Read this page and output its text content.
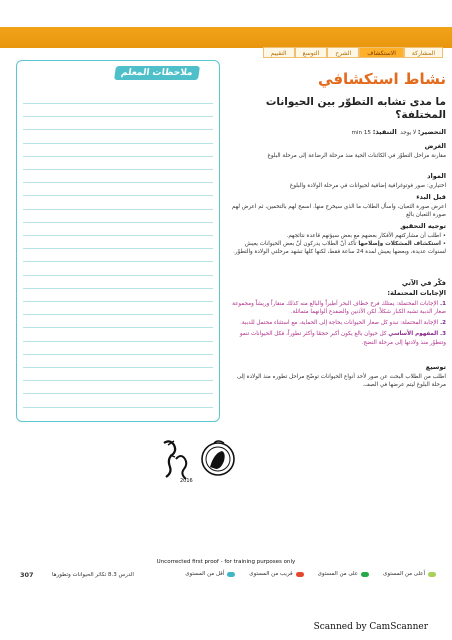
المشاركة
الاستكشاف
الشرح
التوسع
التقييم
ملاحظات المعلم	نشاط استكشافي
ما مدى تشابه التطوّر بين الحيوانات المختلفة؟
التحضير: لا يوجد  التنفيذ: 15 min
الغرض
مقارنة مراحل التطوّر في الكائنات الحية منذ مرحلة الرضاعة إلى مرحلة البلوغ
المواد
اختياري: صور فوتوغرافية إضافية لحيوانات في مرحلة الولادة والبلوغ
قبل البدء
اعرض صورة الثعبان، واسأل الطلاب ما الذي سيخرج منها. اسمح لهم بالتخمين، ثم اعرض لهم صورة الثعبان بالغ
توجيه التحقيق
• اطلب أن مشاركتهم الأفكار بعضهم مع بعض سيؤنهم قاعدة نتائجهم.
• استكشاف المشكلات وإصلاحها تأكد أنّ الطلاب يدركون أنّ بعض الحيوانات يعيش لسنوات عديدة، وبعضها يعيش لمدة 24 ساعة فقط، لكنها كلها تشهد مرحلتي الولادة والتطوّر.
فكّر في الآتي
الإجابات المحتملة:
1. الإجابات المحتملة: يمتلك فرخ خطاف البحر أطيراً والبالغ منه كذلك منقاراً وريشاً ومجموعة صغار الدببة تشبه الكبار شكلاً، لكن الأذنين والضفدع ألوانهما متماثلة.
2. الإجابة المحتملة: تبدو كل صغار الحيوانات بحاجة إلى الحماية، مع استثناء محتمل للدببة.
3. المفهوم الأساسي كل حيوان بالغ يكون أكبر حجمًا وأكثر تطوراً، فكل الحيوانات تنمو وتتطوّر منذ ولادتها إلى مرحلة النضج.
توسيع
اطلب من الطلاب البحث عن صور لأحد أنواع الحيوانات توضّح مراحل تطوره منذ الولادة إلى مرحلة البلوغ ليتم عرضها في الصف.
2016
Uncorrected first proof - for training purposes only
307	الدرس 8.3 تكاثر الحيوانات وتطورها	أقل من المستوى	قريب من المستوى	على من المستوى	أعلى من المستوى
Scanned by CamScanner
